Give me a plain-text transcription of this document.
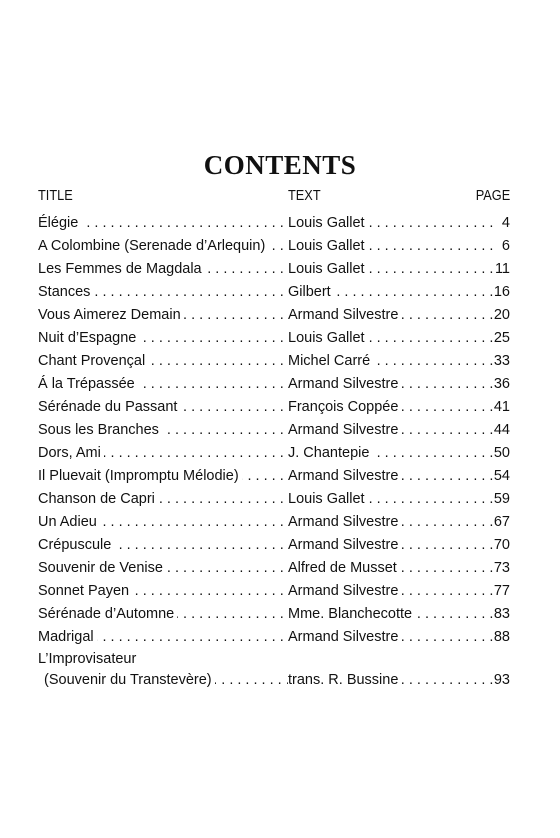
CONTENTS
TITLE	TEXT	PAGE
Élégie . . .	Louis Gallet . . .	4
A Colombine (Serenade d’Arlequin) . . .	Louis Gallet . . .	6
Les Femmes de Magdala . . .	Louis Gallet . . .	11
Stances . . .	Gilbert . . .	16
Vous Aimerez Demain . . .	Armand Silvestre . . .	20
Nuit d’Espagne . . .	Louis Gallet . . .	25
Chant Provençal . . .	Michel Carré . . .	33
Á la Trépassée . . .	Armand Silvestre . . .	36
Sérénade du Passant . . .	François Coppée . . .	41
Sous les Branches . . .	Armand Silvestre . . .	44
Dors, Ami . . .	J. Chantepie . . .	50
Il Pluevait (Impromptu Mélodie) . . .	Armand Silvestre . . .	54
Chanson de Capri . . .	Louis Gallet . . .	59
Un Adieu . . .	Armand Silvestre . . .	67
Crépuscule . . .	Armand Silvestre . . .	70
Souvenir de Venise . . .	Alfred de Musset . . .	73
Sonnet Payen . . .	Armand Silvestre . . .	77
Sérénade d’Automne . . .	Mme. Blanchecotte . . .	83
Madrigal . . .	Armand Silvestre . . .	88
L’Improvisateur
(Souvenir du Transtevère) . . .	trans. R. Bussine . . .	93
